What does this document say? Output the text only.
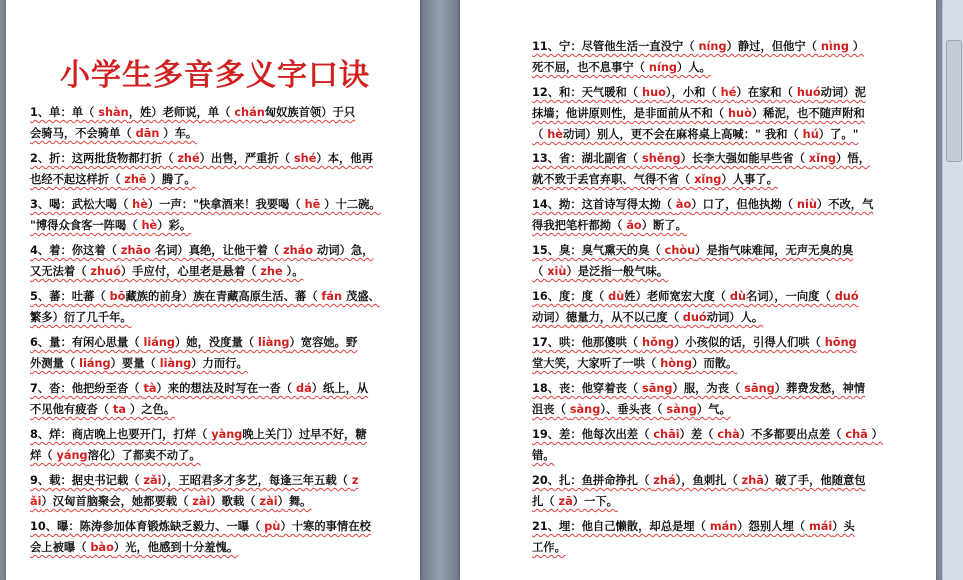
小学生多音多义字口诀
1、单：单（ shàn，姓）老师说，单（ chán匈奴族首领）于只
会骑马，不会骑单（ dān ）车。
2、折：这两批货物都打折（ zhé）出售，严重折（ shé）本，他再
也经不起这样折（ zhē ）腾了。
3、喝：武松大喝（ hè）一声："快拿酒来！我要喝（ hē ）十二碗。
"博得众食客一阵喝（ hè）彩。
4、着：你这着（ zhāo 名词）真绝，让他干着（ zháo 动词）急，
又无法着（ zhuó）手应付，心里老是悬着（ zhe ）。
5、蕃：吐蕃（ bō藏族的前身）族在青藏高原生活、蕃（ fán 茂盛、
繁多）衍了几千年。
6、量：有闲心思量（ liáng）她，没度量（ liàng）宽容她。野
外测量（ liáng）要量（ liàng）力而行。
7、沓：他把纷至沓（ tà）来的想法及时写在一沓（ dá）纸上，从
不见他有疲沓（ ta ）之色。
8、烊：商店晚上也要开门，打烊（ yàng晚上关门）过早不好，糖
烊（ yáng溶化）了都卖不动了。
9、载：据史书记载（ zǎi），王昭君多才多艺，每逢三年五载（ z
ǎi）汉匈首脑聚会，她都要载（ zài）歌载（ zài）舞。
10、曝：陈涛参加体育锻炼缺乏毅力、一曝（ pù）十寒的事情在校
会上被曝（ bào）光，他感到十分羞愧。
11、宁：尽管他生活一直没宁（ níng）静过，但他宁（ nìng ）
死不屈，也不息事宁（ níng）人。
12、和：天气暖和（ huo），小和（ hé）在家和（ huó动词）泥
抹墙；他讲原则性，是非面前从不和（ huò）稀泥，也不随声附和
（ hè动词）别人，更不会在麻将桌上高喊：" 我和（ hú）了。"
13、省：湖北副省（ shěng）长李大强如能早些省（ xǐng）悟，
就不致于丢官弃职、气得不省（ xǐng）人事了。
14、拗：这首诗写得太拗（ ào）口了，但他执拗（ niù）不改，气
得我把笔杆都拗（ ǎo）断了。
15、臭：臭气熏天的臭（ chòu）是指气味难闻，无声无臭的臭
（ xiù）是泛指一般气味。
16、度：度（ dù姓）老师宽宏大度（ dù名词），一向度（ duó
动词）德量力，从不以己度（ duó动词）人。
17、哄：他那傻哄（ hǒng）小孩似的话，引得人们哄（ hōng
堂大笑，大家听了一哄（ hòng）而散。
18、丧：他穿着丧（ sāng）服，为丧（ sāng）葬费发愁，神情
沮丧（ sàng）、垂头丧（ sàng）气。
19、差：他每次出差（ chāi）差（ chà）不多都要出点差（ chā ）
错。
20、扎：鱼拼命挣扎（ zhá），鱼刺扎（ zhā）破了手，他随意包
扎（ zā）一下。
21、埋：他自己懒散，却总是埋（ mán）怨别人埋（ mái）头
工作。
